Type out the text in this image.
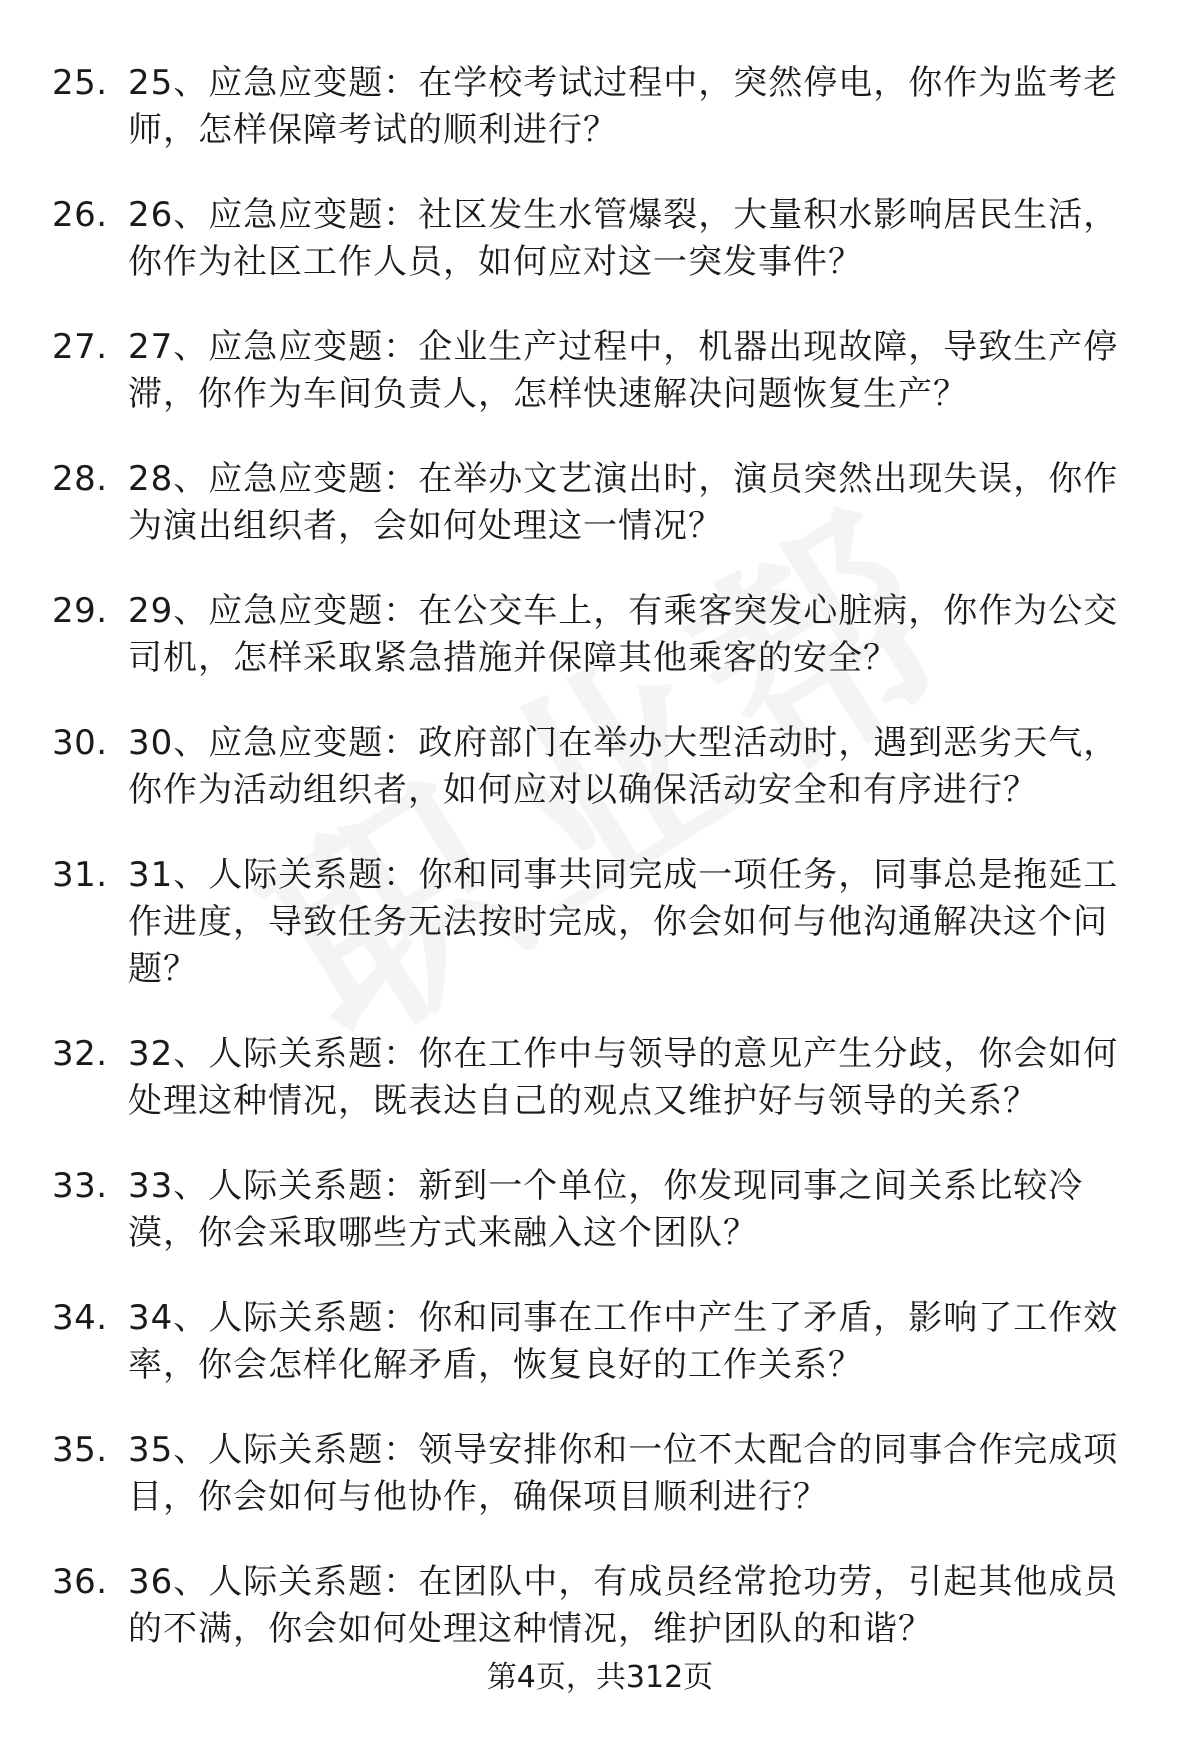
25. 25、应急应变题：在学校考试过程中，突然停电，你作为监考老师，怎样保障考试的顺利进行？
26. 26、应急应变题：社区发生水管爆裂，大量积水影响居民生活，你作为社区工作人员，如何应对这一突发事件？
27. 27、应急应变题：企业生产过程中，机器出现故障，导致生产停滞，你作为车间负责人，怎样快速解决问题恢复生产？
28. 28、应急应变题：在举办文艺演出时，演员突然出现失误，你作为演出组织者，会如何处理这一情况？
29. 29、应急应变题：在公交车上，有乘客突发心脏病，你作为公交司机，怎样采取紧急措施并保障其他乘客的安全？
30. 30、应急应变题：政府部门在举办大型活动时，遇到恶劣天气，你作为活动组织者，如何应对以确保活动安全和有序进行？
31. 31、人际关系题：你和同事共同完成一项任务，同事总是拖延工作进度，导致任务无法按时完成，你会如何与他沟通解决这个问题？
32. 32、人际关系题：你在工作中与领导的意见产生分歧，你会如何处理这种情况，既表达自己的观点又维护好与领导的关系？
33. 33、人际关系题：新到一个单位，你发现同事之间关系比较冷漠，你会采取哪些方式来融入这个团队？
34. 34、人际关系题：你和同事在工作中产生了矛盾，影响了工作效率，你会怎样化解矛盾，恢复良好的工作关系？
35. 35、人际关系题：领导安排你和一位不太配合的同事合作完成项目，你会如何与他协作，确保项目顺利进行？
36. 36、人际关系题：在团队中，有成员经常抢功劳，引起其他成员的不满，你会如何处理这种情况，维护团队的和谐？
第4页，共312页
